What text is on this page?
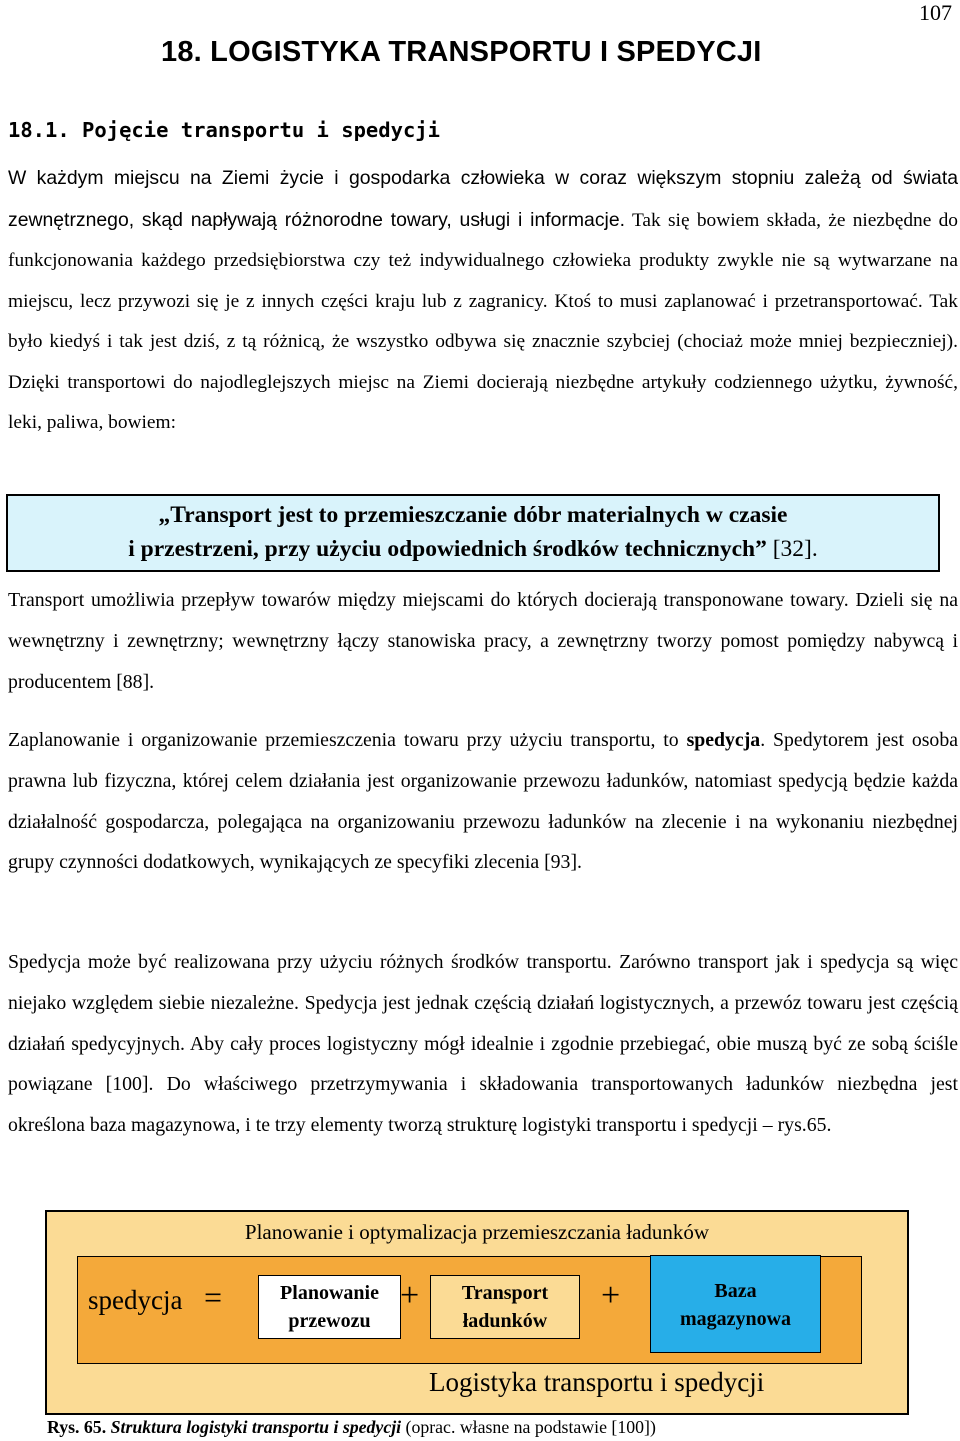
107
18. LOGISTYKA TRANSPORTU I SPEDYCJI
18.1. Pojęcie transportu i spedycji
W każdym miejscu na Ziemi życie i gospodarka człowieka w coraz większym stopniu zależą od świata zewnętrznego, skąd napływają różnorodne towary, usługi i informacje. Tak się bowiem składa, że niezbędne do funkcjonowania każdego przedsiębiorstwa czy też indywidualnego człowieka produkty zwykle nie są wytwarzane na miejscu, lecz przywozi się je z innych części kraju lub z zagranicy. Ktoś to musi zaplanować i przetransportować. Tak było kiedyś i tak jest dziś, z tą różnicą, że wszystko odbywa się znacznie szybciej (chociaż może mniej bezpieczniej). Dzięki transportowi do najodleglejszych miejsc na Ziemi docierają niezbędne artykuły codziennego użytku, żywność, leki, paliwa, bowiem:
„Transport jest to przemieszczanie dóbr materialnych w czasie
i przestrzeni, przy użyciu odpowiednich środków technicznych” [32].
Transport umożliwia przepływ towarów między miejscami do których docierają transponowane towary. Dzieli się na wewnętrzny i zewnętrzny; wewnętrzny łączy stanowiska pracy, a zewnętrzny tworzy pomost pomiędzy nabywcą i producentem [88].
Zaplanowanie i organizowanie przemieszczenia towaru przy użyciu transportu, to spedycja. Spedytorem jest osoba prawna lub fizyczna, której celem działania jest organizowanie przewozu ładunków, natomiast spedycją będzie każda działalność gospodarcza, polegająca na organizowaniu przewozu ładunków na zlecenie i na wykonaniu niezbędnej grupy czynności dodatkowych, wynikających ze specyfiki zlecenia [93].
Spedycja może być realizowana przy użyciu różnych środków transportu. Zarówno transport jak i spedycja są więc niejako względem siebie niezależne. Spedycja jest jednak częścią działań logistycznych, a przewóz towaru jest częścią działań spedycyjnych. Aby cały proces logistyczny mógł idealnie i zgodnie przebiegać, obie muszą być ze sobą ściśle powiązane [100]. Do właściwego przetrzymywania i składowania transportowanych ładunków niezbędna jest określona baza magazynowa, i te trzy elementy tworzą strukturę logistyki transportu i spedycji – rys.65.
Planowanie i optymalizacja przemieszczania ładunków
spedycja =	Planowanie
przewozu
+	Transport
ładunków
+	Baza
magazynowa
Logistyka transportu i spedycji
Rys. 65. Struktura logistyki transportu i spedycji (oprac. własne na podstawie [100])
